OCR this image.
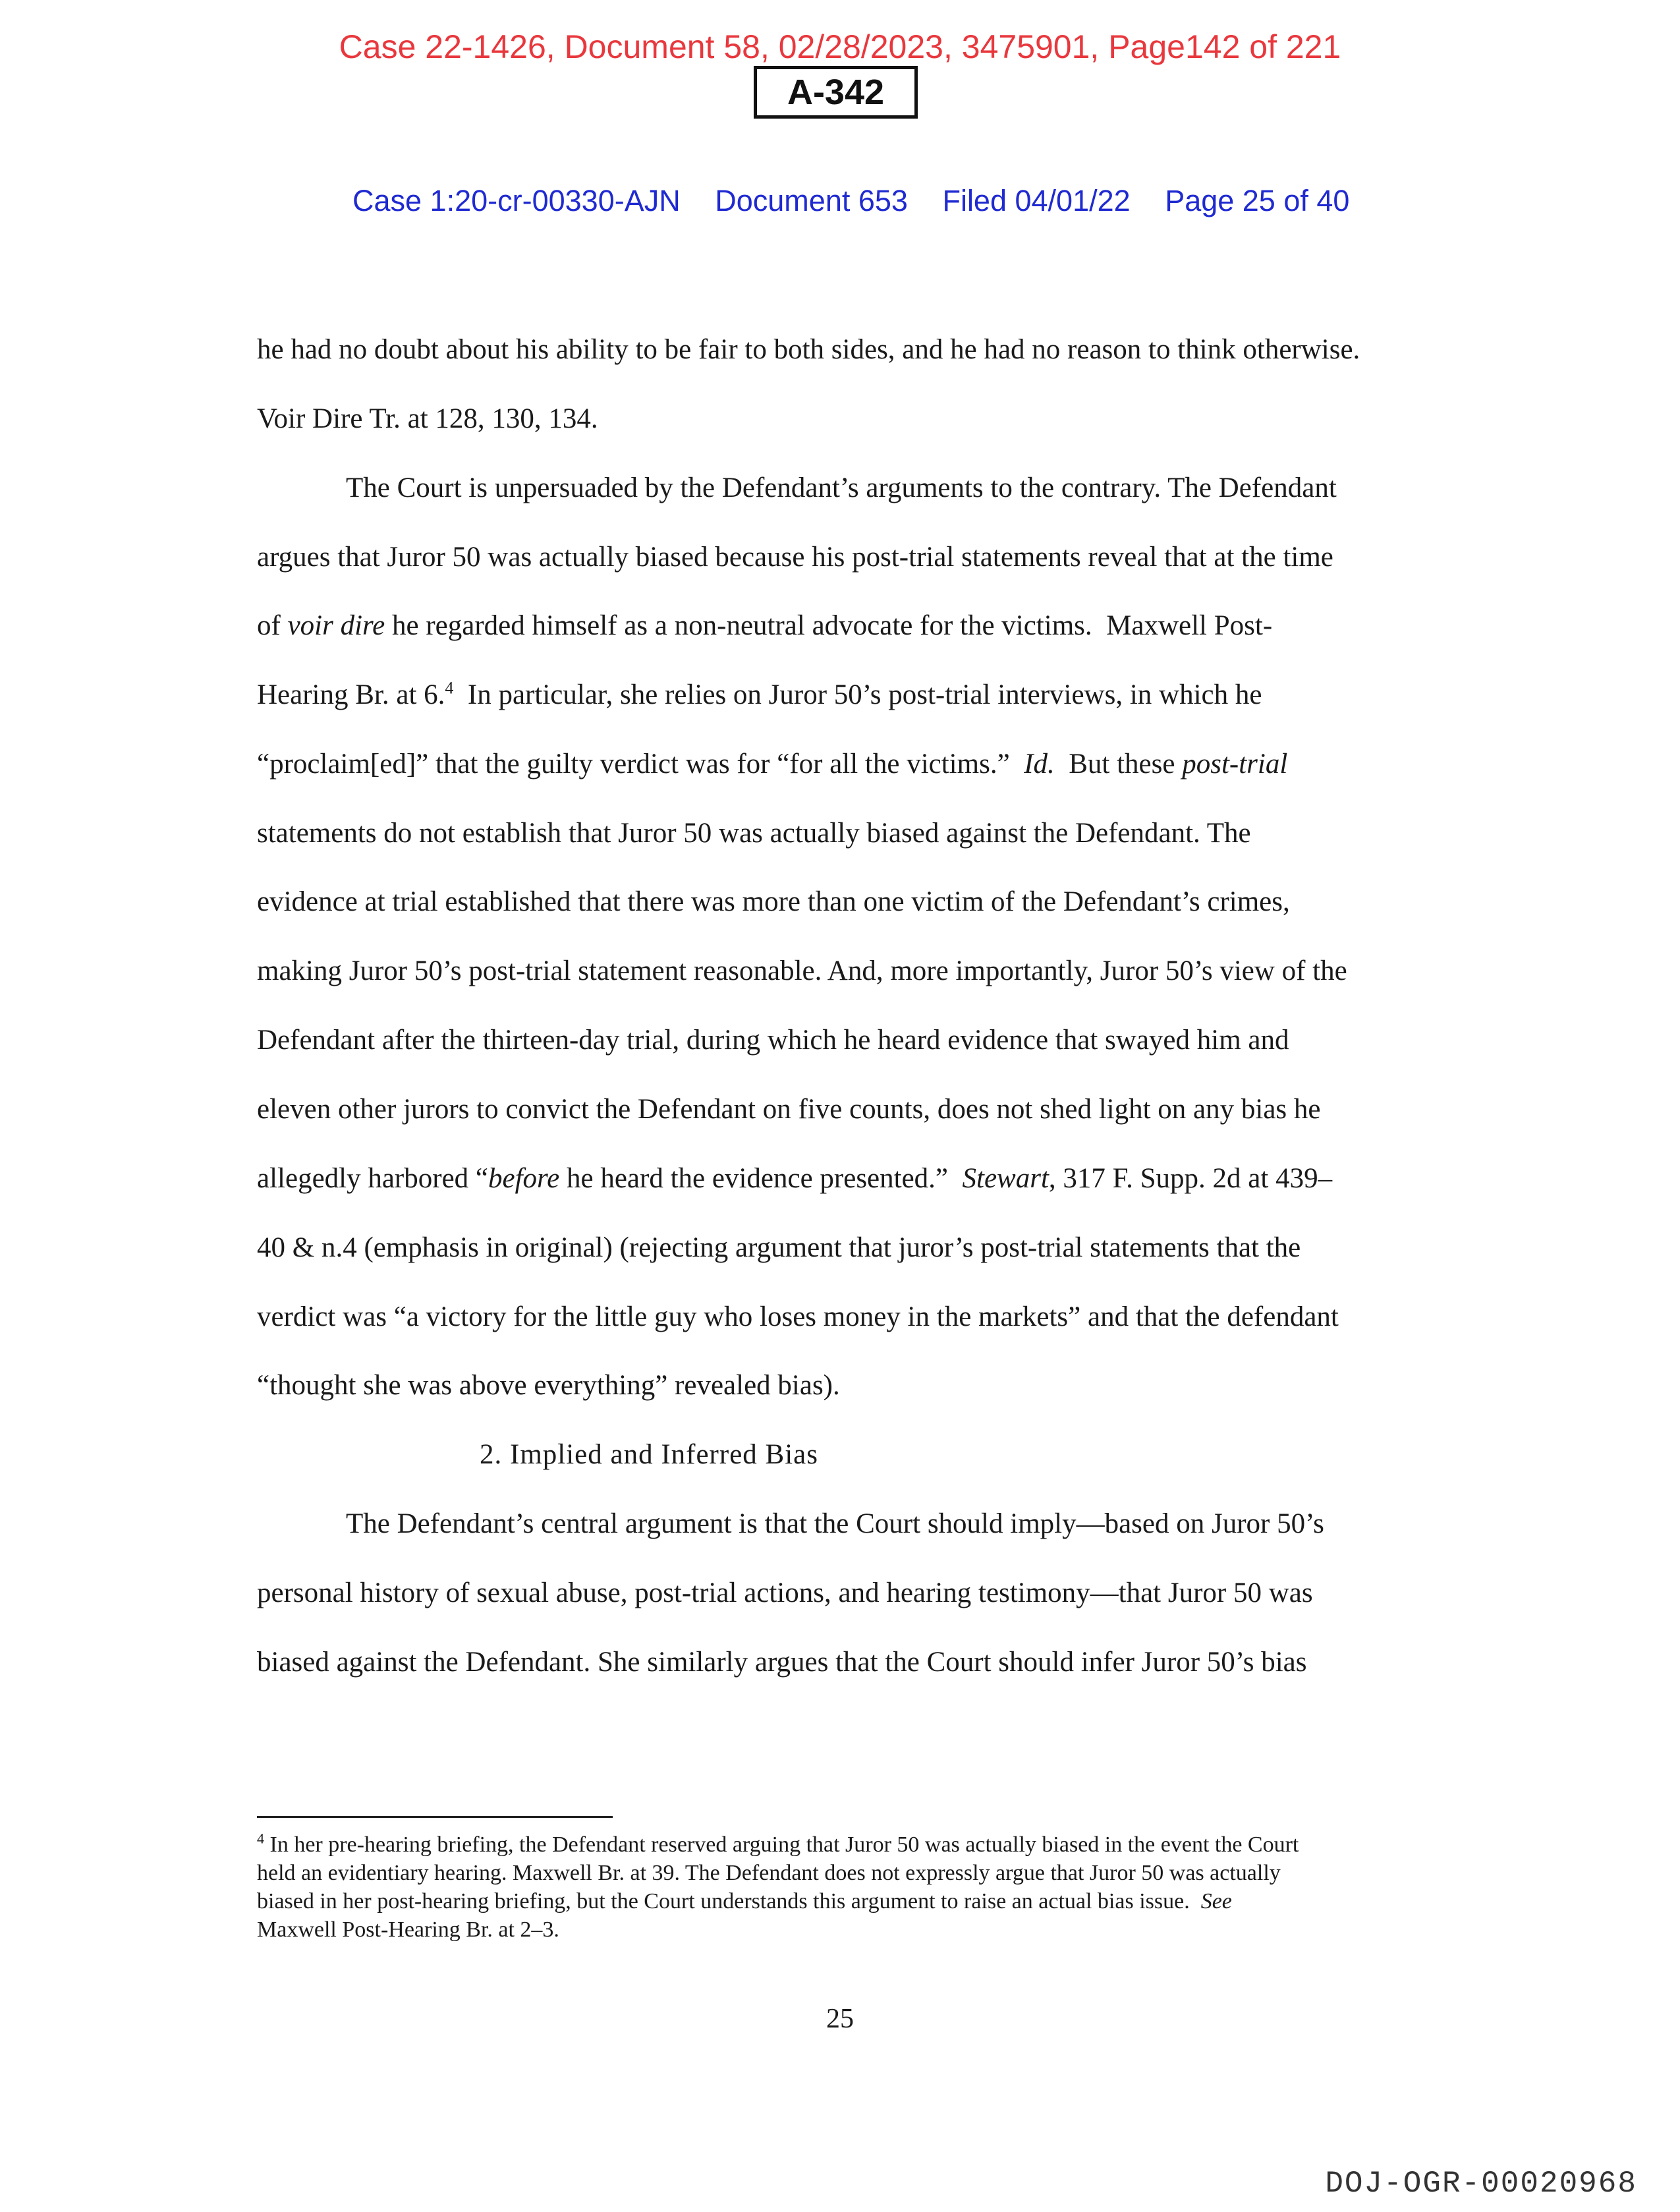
Case 22-1426, Document 58, 02/28/2023, 3475901, Page142 of 221
A-342
Case 1:20-cr-00330-AJN Document 653 Filed 04/01/22 Page 25 of 40
he had no doubt about his ability to be fair to both sides, and he had no reason to think otherwise.
Voir Dire Tr. at 128, 130, 134.
The Court is unpersuaded by the Defendant’s arguments to the contrary. The Defendant
argues that Juror 50 was actually biased because his post-trial statements reveal that at the time
of voir dire he regarded himself as a non-neutral advocate for the victims.  Maxwell Post-
Hearing Br. at 6.$^4$  In particular, she relies on Juror 50’s post-trial interviews, in which he
“proclaim[ed]” that the guilty verdict was for “for all the victims.”  Id.  But these post-trial
statements do not establish that Juror 50 was actually biased against the Defendant. The
evidence at trial established that there was more than one victim of the Defendant’s crimes,
making Juror 50’s post-trial statement reasonable. And, more importantly, Juror 50’s view of the
Defendant after the thirteen-day trial, during which he heard evidence that swayed him and
eleven other jurors to convict the Defendant on five counts, does not shed light on any bias he
allegedly harbored “before he heard the evidence presented.”  Stewart, 317 F. Supp. 2d at 439–
40 & n.4 (emphasis in original) (rejecting argument that juror’s post-trial statements that the
verdict was “a victory for the little guy who loses money in the markets” and that the defendant
“thought she was above everything” revealed bias).
2. Implied and Inferred Bias
The Defendant’s central argument is that the Court should imply—based on Juror 50’s
personal history of sexual abuse, post-trial actions, and hearing testimony—that Juror 50 was
biased against the Defendant. She similarly argues that the Court should infer Juror 50’s bias

$^4$ In her pre-hearing briefing, the Defendant reserved arguing that Juror 50 was actually biased in the event the Court

held an evidentiary hearing. Maxwell Br. at 39. The Defendant does not expressly argue that Juror 50 was actually

biased in her post-hearing briefing, but the Court understands this argument to raise an actual bias issue.  See

Maxwell Post-Hearing Br. at 2–3.

25
DOJ-OGR-00020968
